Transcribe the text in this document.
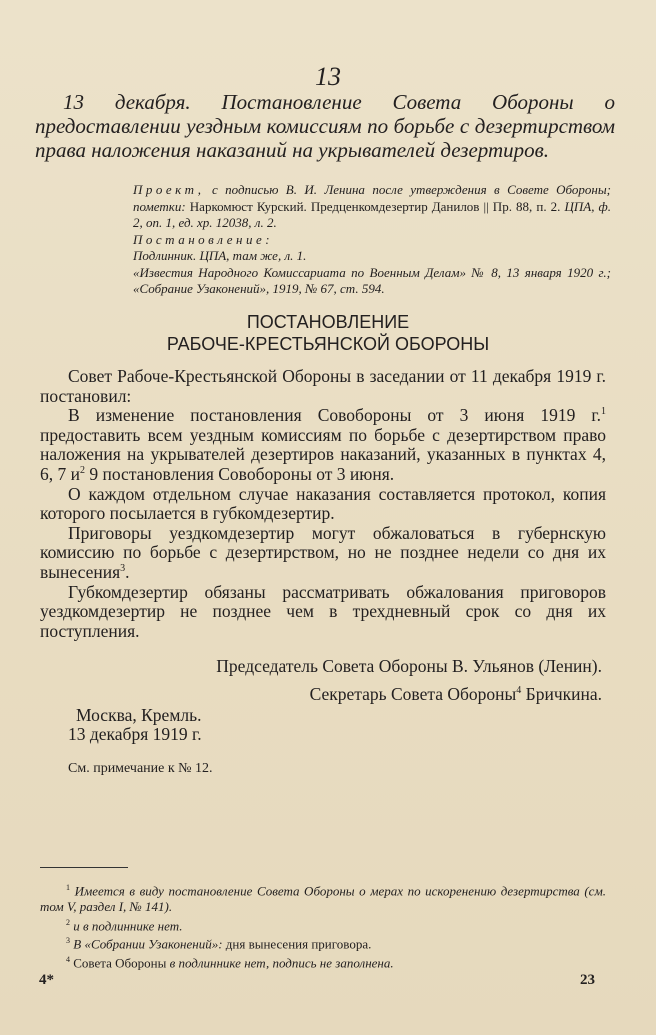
13

13 декабря. Постановление Совета Обороны о предоставлении уездным комиссиям по борьбе с дезертирством права наложения наказаний на укрывателей дезертиров.

Проект, с подписью В. И. Ленина после утверждения в Совете Обороны; пометки: Наркомюст Курский. Предценкомдезертир Данилов || Пр. 88, п. 2. ЦПА, ф. 2, оп. 1, ед. хр. 12038, л. 2.

Постановление:

Подлинник. ЦПА, там же, л. 1.

«Известия Народного Комиссариата по Военным Делам» № 8, 13 января 1920 г.; «Собрание Узаконений», 1919, № 67, ст. 594.

ПОСТАНОВЛЕНИЕ
РАБОЧЕ-КРЕСТЬЯНСКОЙ ОБОРОНЫ

Совет Рабоче-Крестьянской Обороны в заседании от 11 декабря 1919 г. постановил:

В изменение постановления Совобороны от 3 июня 1919 г.$^1$ предоставить всем уездным комиссиям по борьбе с дезертирством право наложения на укрывателей дезертиров наказаний, указанных в пунктах 4, 6, 7 $и^2$ 9 постановления Совобороны от 3 июня.

О каждом отдельном случае наказания составляется протокол, копия которого посылается в губкомдезертир.

Приговоры уездкомдезертир могут обжаловаться в губернскую комиссию по борьбе с дезертирством, но не позднее недели со дня их вынесения$^3$.

Губкомдезертир обязаны рассматривать обжалования приговоров уездкомдезертир не позднее чем в трехдневный срок со дня их поступления.

Председатель Совета Обороны В. Ульянов (Ленин).
Секретарь Совета Обороны$^4$ Бричкина.
Москва, Кремль.
13 декабря 1919 г.
См. примечание к № 12.

$^1$ Имеется в виду постановление Совета Обороны о мерах по искоренению дезертирства (см. том V, раздел I, № 141).

$^2$ и в подлиннике нет.

$^3$ В «Собрании Узаконений»: дня вынесения приговора.

$^4$ Совета Обороны в подлиннике нет, подпись не заполнена.

4*	23
